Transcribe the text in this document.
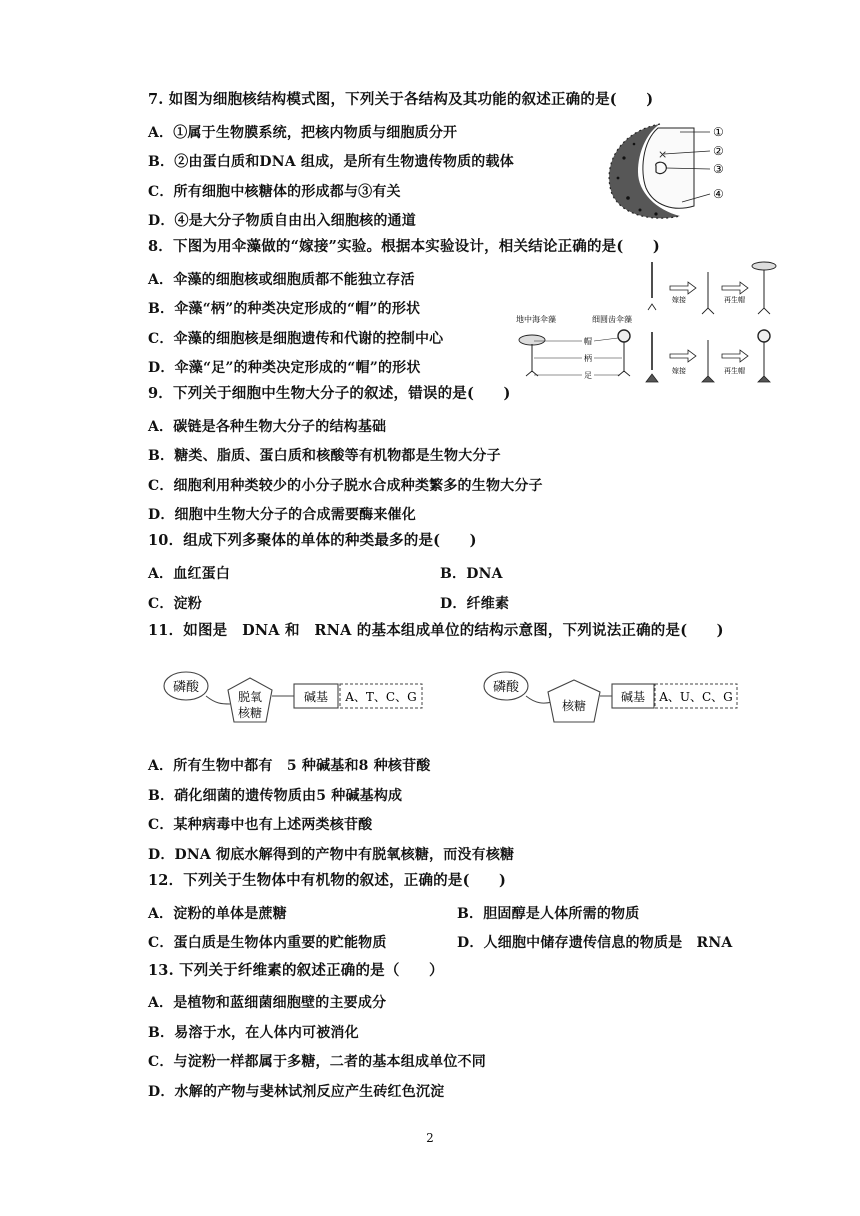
7. 如图为细胞核结构模式图，下列关于各结构及其功能的叙述正确的是(　　)
A．①属于生物膜系统，把核内物质与细胞质分开
B．②由蛋白质和DNA 组成，是所有生物遗传物质的载体
C．所有细胞中核糖体的形成都与③有关
D．④是大分子物质自由出入细胞核的通道
×
①
②
③
④
8．下图为用伞藻做的“嫁接”实验。根据本实验设计，相关结论正确的是(　　)
A．伞藻的细胞核或细胞质都不能独立存活
B．伞藻“柄”的种类决定形成的“帽”的形状
C．伞藻的细胞核是细胞遗传和代谢的控制中心
D．伞藻“足”的种类决定形成的“帽”的形状
地中海伞藻	细圆齿伞藻
帽
柄
足
嫁接	再生帽
嫁接	再生帽
9．下列关于细胞中生物大分子的叙述，错误的是(　　)
A．碳链是各种生物大分子的结构基础
B．糖类、脂质、蛋白质和核酸等有机物都是生物大分子
C．细胞利用种类较少的小分子脱水合成种类繁多的生物大分子
D．细胞中生物大分子的合成需要酶来催化
10．组成下列多聚体的单体的种类最多的是(　　)
A．血红蛋白	B．DNA
C．淀粉	D．纤维素
11．如图是　DNA 和　RNA 的基本组成单位的结构示意图，下列说法正确的是(　　)
磷酸
脱氧
核糖
碱基 A、T、C、G
磷酸
核糖
碱基 A、U、C、G
A．所有生物中都有　5 种碱基和8 种核苷酸
B．硝化细菌的遗传物质由5 种碱基构成
C．某种病毒中也有上述两类核苷酸
D．DNA 彻底水解得到的产物中有脱氧核糖，而没有核糖
12．下列关于生物体中有机物的叙述，正确的是(　　)
A．淀粉的单体是蔗糖	B．胆固醇是人体所需的物质
C．蛋白质是生物体内重要的贮能物质	D．人细胞中储存遗传信息的物质是　RNA
13. 下列关于纤维素的叙述正确的是（　　）
A．是植物和蓝细菌细胞壁的主要成分
B．易溶于水，在人体内可被消化
C．与淀粉一样都属于多糖，二者的基本组成单位不同
D．水解的产物与斐林试剂反应产生砖红色沉淀
2
